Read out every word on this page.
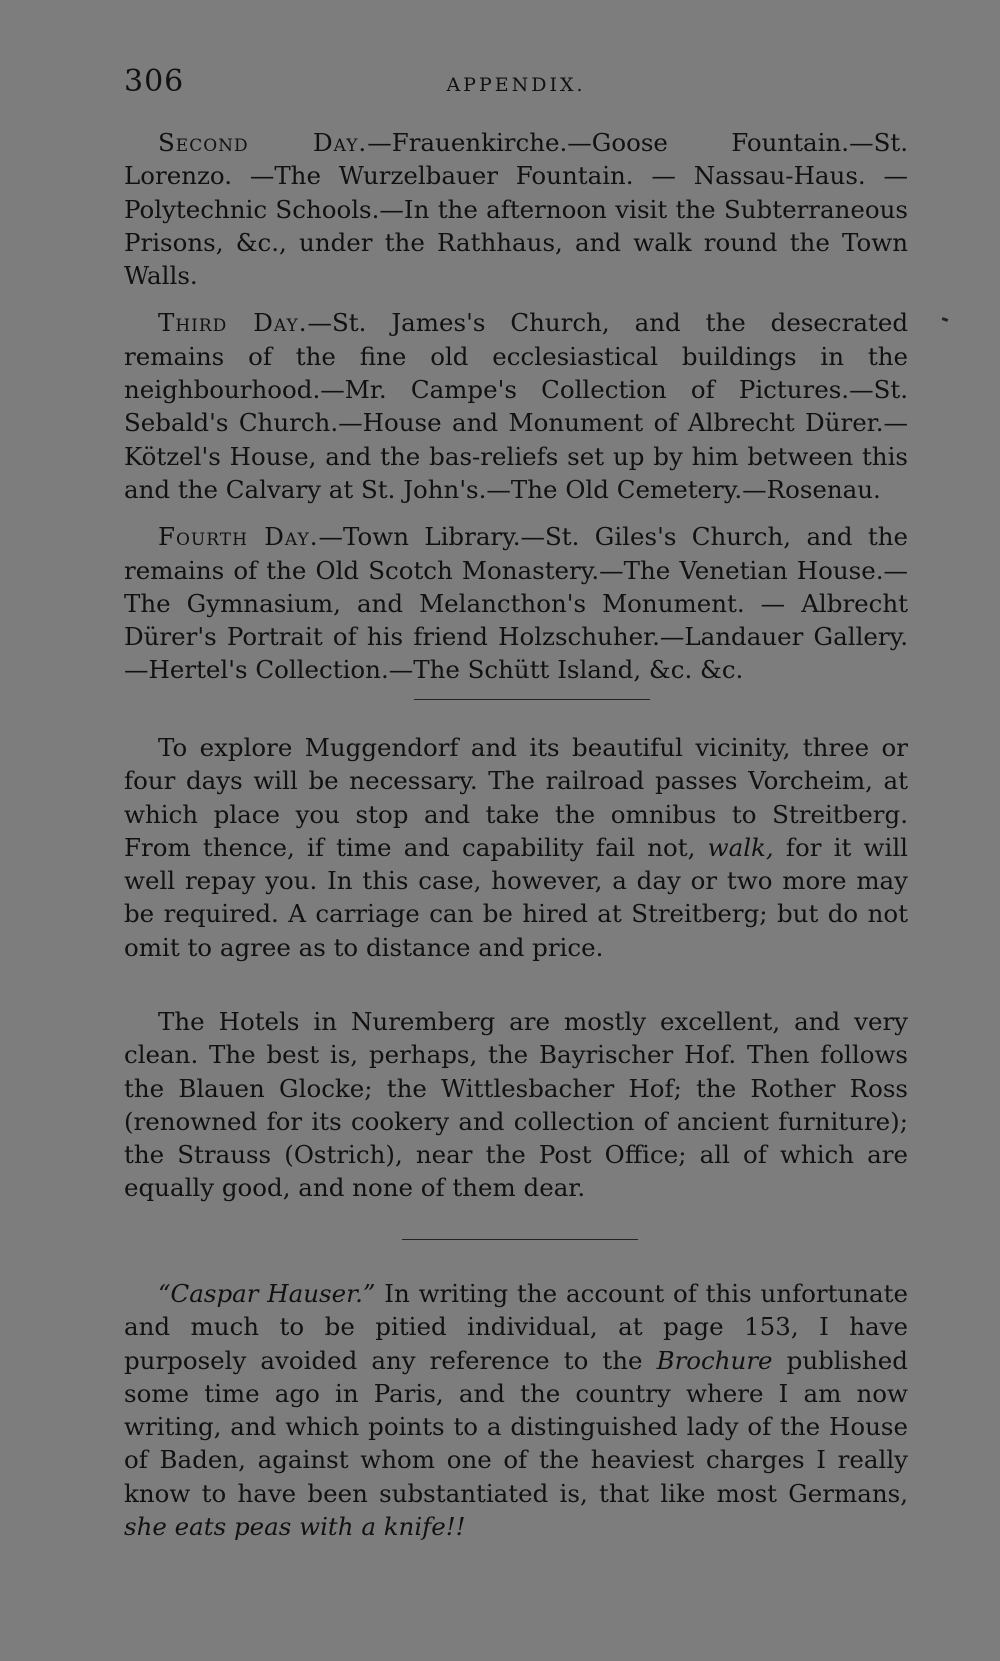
306	APPENDIX.

Second Day.—Frauenkirche.—Goose Fountain.—St. Lorenzo. —The Wurzelbauer Fountain. — Nassau-Haus. — Polytechnic Schools.—In the afternoon visit the Subterraneous Prisons, &c., under the Rathhaus, and walk round the Town Walls.

Third Day.—St. James's Church, and the desecrated remains of the fine old ecclesiastical buildings in the neighbourhood.—Mr. Campe's Collection of Pictures.—St. Sebald's Church.—House and Monument of Albrecht Dürer.—Kötzel's House, and the bas-reliefs set up by him between this and the Calvary at St. John's.—The Old Cemetery.—Rosenau.

Fourth Day.—Town Library.—St. Giles's Church, and the remains of the Old Scotch Monastery.—The Venetian House.— The Gymnasium, and Melancthon's Monument. — Albrecht Dürer's Portrait of his friend Holzschuher.—Landauer Gallery. —Hertel's Collection.—The Schütt Island, &c. &c.

To explore Muggendorf and its beautiful vicinity, three or four days will be necessary. The railroad passes Vorcheim, at which place you stop and take the omnibus to Streitberg. From thence, if time and capability fail not, walk, for it will well repay you. In this case, however, a day or two more may be required. A carriage can be hired at Streitberg; but do not omit to agree as to distance and price.

The Hotels in Nuremberg are mostly excellent, and very clean. The best is, perhaps, the Bayrischer Hof. Then follows the Blauen Glocke; the Wittlesbacher Hof; the Rother Ross (renowned for its cookery and collection of ancient furniture); the Strauss (Ostrich), near the Post Office; all of which are equally good, and none of them dear.

“Caspar Hauser.” In writing the account of this unfortunate and much to be pitied individual, at page 153, I have purposely avoided any reference to the Brochure published some time ago in Paris, and the country where I am now writing, and which points to a distinguished lady of the House of Baden, against whom one of the heaviest charges I really know to have been substantiated is, that like most Germans, she eats peas with a knife!!
